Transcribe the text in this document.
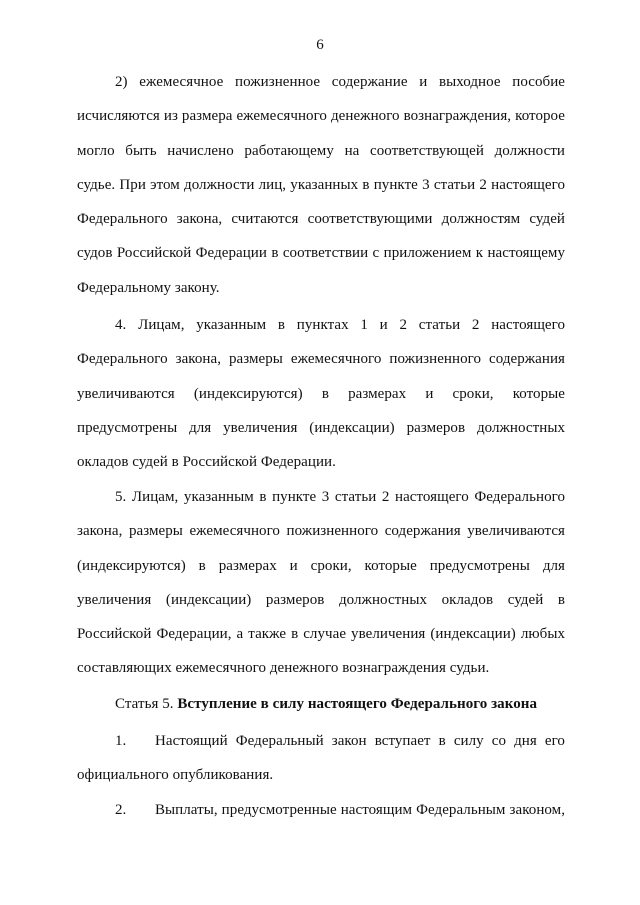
6
2) ежемесячное пожизненное содержание и выходное пособие
исчисляются из размера ежемесячного денежного вознаграждения, которое
могло быть начислено работающему на соответствующей должности
судье. При этом должности лиц, указанных в пункте 3 статьи 2 настоящего
Федерального закона, считаются соответствующими должностям судей
судов Российской Федерации в соответствии с приложением к настоящему
Федеральному закону.
4. Лицам, указанным в пунктах 1 и 2 статьи 2 настоящего
Федерального закона, размеры ежемесячного пожизненного содержания
увеличиваются (индексируются) в размерах и сроки, которые
предусмотрены для увеличения (индексации) размеров должностных
окладов судей в Российской Федерации.
5. Лицам, указанным в пункте 3 статьи 2 настоящего Федерального
закона, размеры ежемесячного пожизненного содержания увеличиваются
(индексируются) в размерах и сроки, которые предусмотрены для
увеличения (индексации) размеров должностных окладов судей в
Российской Федерации, а также в случае увеличения (индексации) любых
составляющих ежемесячного денежного вознаграждения судьи.
Статья 5. Вступление в силу настоящего Федерального закона
1. Настоящий Федеральный закон вступает в силу со дня его
официального опубликования.
2. Выплаты, предусмотренные настоящим Федеральным законом,
